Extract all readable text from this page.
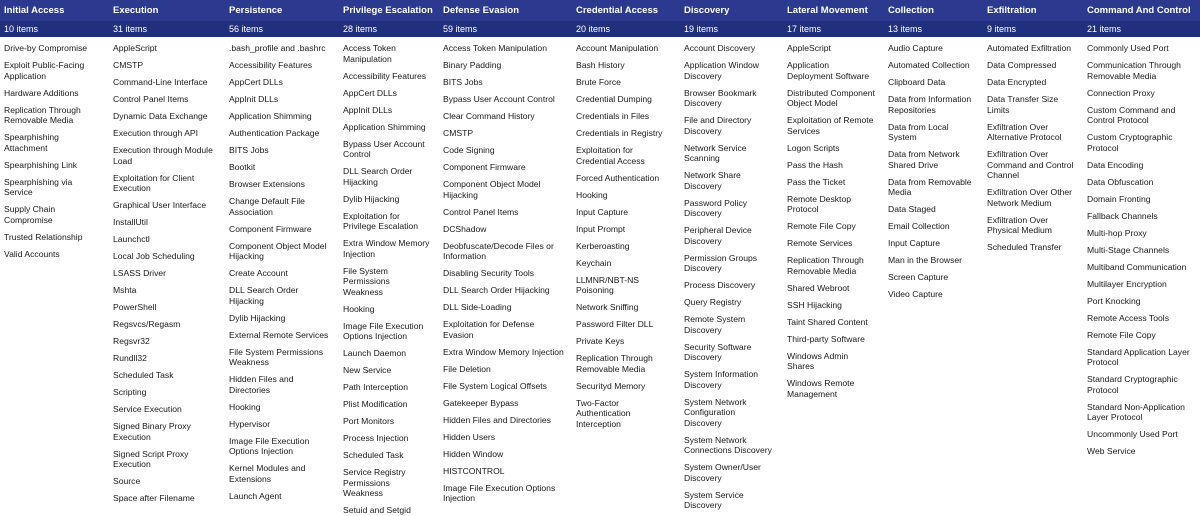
Initial Access
10 items
Drive-by Compromise
Exploit Public-Facing Application
Hardware Additions
Replication Through Removable Media
Spearphishing Attachment
Spearphishing Link
Spearphishing via Service
Supply Chain Compromise
Trusted Relationship
Valid Accounts
Execution
31 items
AppleScript
CMSTP
Command-Line Interface
Control Panel Items
Dynamic Data Exchange
Execution through API
Execution through Module Load
Exploitation for Client Execution
Graphical User Interface
InstallUtil
Launchctl
Local Job Scheduling
LSASS Driver
Mshta
PowerShell
Regsvcs/Regasm
Regsvr32
Rundll32
Scheduled Task
Scripting
Service Execution
Signed Binary Proxy Execution
Signed Script Proxy Execution
Source
Space after Filename
Persistence
56 items
.bash_profile and .bashrc
Accessibility Features
AppCert DLLs
AppInit DLLs
Application Shimming
Authentication Package
BITS Jobs
Bootkit
Browser Extensions
Change Default File Association
Component Firmware
Component Object Model Hijacking
Create Account
DLL Search Order Hijacking
Dylib Hijacking
External Remote Services
File System Permissions Weakness
Hidden Files and Directories
Hooking
Hypervisor
Image File Execution Options Injection
Kernel Modules and Extensions
Launch Agent
Privilege Escalation
28 items
Access Token Manipulation
Accessibility Features
AppCert DLLs
AppInit DLLs
Application Shimming
Bypass User Account Control
DLL Search Order Hijacking
Dylib Hijacking
Exploitation for Privilege Escalation
Extra Window Memory Injection
File System Permissions Weakness
Hooking
Image File Execution Options Injection
Launch Daemon
New Service
Path Interception
Plist Modification
Port Monitors
Process Injection
Scheduled Task
Service Registry Permissions Weakness
Setuid and Setgid
Defense Evasion
59 items
Access Token Manipulation
Binary Padding
BITS Jobs
Bypass User Account Control
Clear Command History
CMSTP
Code Signing
Component Firmware
Component Object Model Hijacking
Control Panel Items
DCShadow
Deobfuscate/Decode Files or Information
Disabling Security Tools
DLL Search Order Hijacking
DLL Side-Loading
Exploitation for Defense Evasion
Extra Window Memory Injection
File Deletion
File System Logical Offsets
Gatekeeper Bypass
Hidden Files and Directories
Hidden Users
Hidden Window
HISTCONTROL
Image File Execution Options Injection
Credential Access
20 items
Account Manipulation
Bash History
Brute Force
Credential Dumping
Credentials in Files
Credentials in Registry
Exploitation for Credential Access
Forced Authentication
Hooking
Input Capture
Input Prompt
Kerberoasting
Keychain
LLMNR/NBT-NS Poisoning
Network Sniffing
Password Filter DLL
Private Keys
Replication Through Removable Media
Securityd Memory
Two-Factor Authentication Interception
Discovery
19 items
Account Discovery
Application Window Discovery
Browser Bookmark Discovery
File and Directory Discovery
Network Service Scanning
Network Share Discovery
Password Policy Discovery
Peripheral Device Discovery
Permission Groups Discovery
Process Discovery
Query Registry
Remote System Discovery
Security Software Discovery
System Information Discovery
System Network Configuration Discovery
System Network Connections Discovery
System Owner/User Discovery
System Service Discovery
Lateral Movement
17 items
AppleScript
Application Deployment Software
Distributed Component Object Model
Exploitation of Remote Services
Logon Scripts
Pass the Hash
Pass the Ticket
Remote Desktop Protocol
Remote File Copy
Remote Services
Replication Through Removable Media
Shared Webroot
SSH Hijacking
Taint Shared Content
Third-party Software
Windows Admin Shares
Windows Remote Management
Collection
13 items
Audio Capture
Automated Collection
Clipboard Data
Data from Information Repositories
Data from Local System
Data from Network Shared Drive
Data from Removable Media
Data Staged
Email Collection
Input Capture
Man in the Browser
Screen Capture
Video Capture
Exfiltration
9 items
Automated Exfiltration
Data Compressed
Data Encrypted
Data Transfer Size Limits
Exfiltration Over Alternative Protocol
Exfiltration Over Command and Control Channel
Exfiltration Over Other Network Medium
Exfiltration Over Physical Medium
Scheduled Transfer
Command And Control
21 items
Commonly Used Port
Communication Through Removable Media
Connection Proxy
Custom Command and Control Protocol
Custom Cryptographic Protocol
Data Encoding
Data Obfuscation
Domain Fronting
Fallback Channels
Multi-hop Proxy
Multi-Stage Channels
Multiband Communication
Multilayer Encryption
Port Knocking
Remote Access Tools
Remote File Copy
Standard Application Layer Protocol
Standard Cryptographic Protocol
Standard Non-Application Layer Protocol
Uncommonly Used Port
Web Service
